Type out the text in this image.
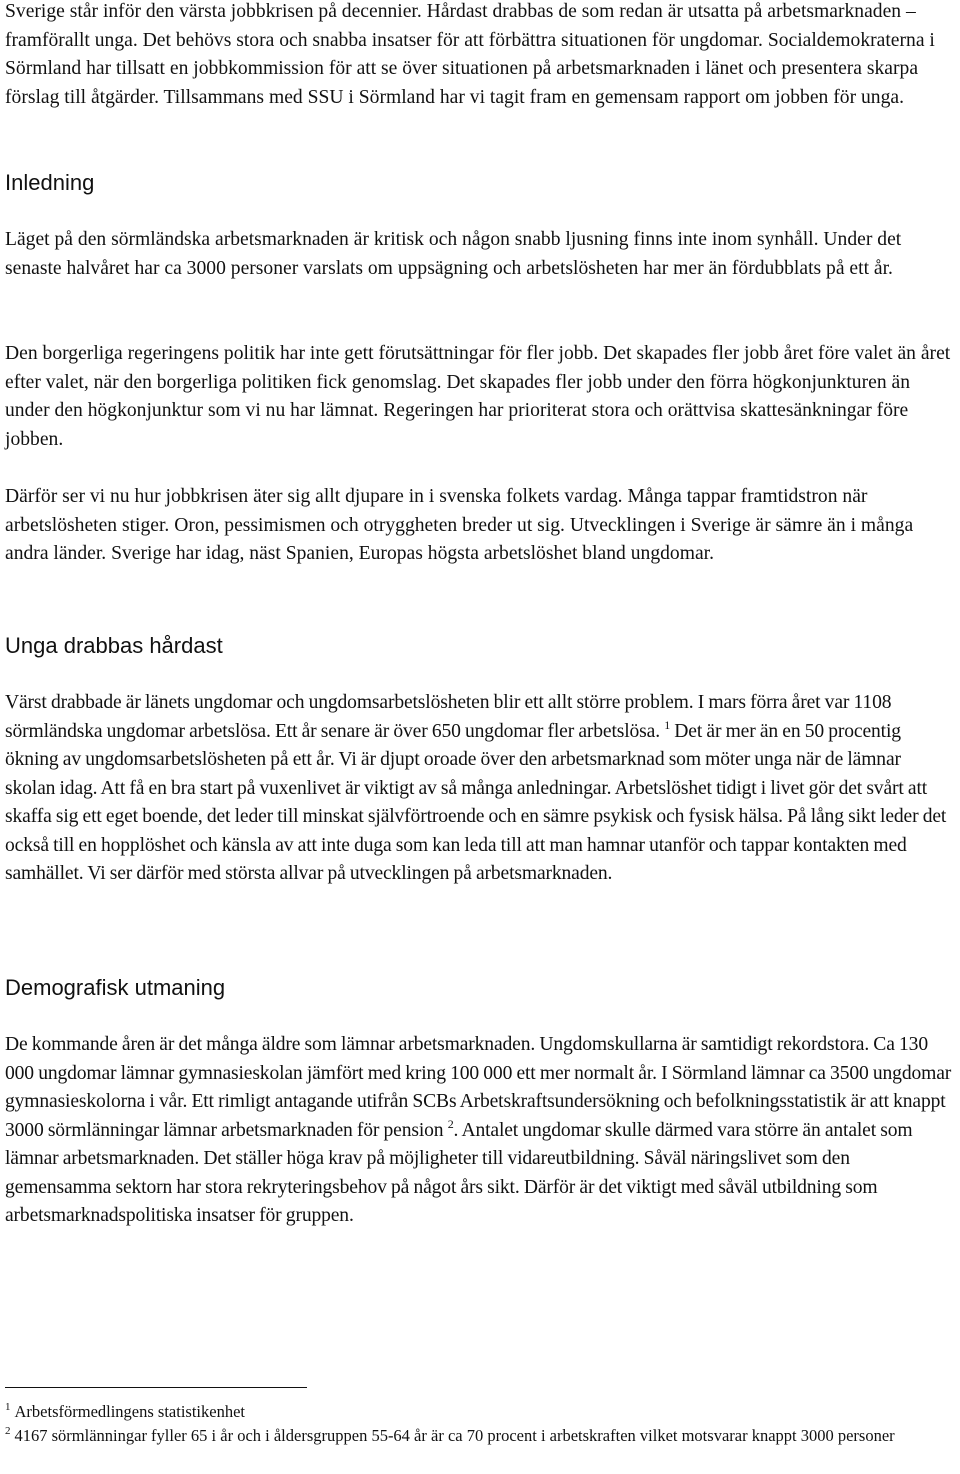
Sverige står inför den värsta jobbkrisen på decennier. Hårdast drabbas de som redan är utsatta på arbetsmarknaden – framförallt unga. Det behövs stora och snabba insatser för att förbättra situationen för ungdomar. Socialdemokraterna i Sörmland har tillsatt en jobbkommission för att se över situationen på arbetsmarknaden i länet och presentera skarpa förslag till åtgärder. Tillsammans med SSU i Sörmland har vi tagit fram en gemensam rapport om jobben för unga.

Inledning

Läget på den sörmländska arbetsmarknaden är kritisk och någon snabb ljusning finns inte inom synhåll. Under det senaste halvåret har ca 3000 personer varslats om uppsägning och arbetslösheten har mer än fördubblats på ett år.

Den borgerliga regeringens politik har inte gett förutsättningar för fler jobb. Det skapades fler jobb året före valet än året efter valet, när den borgerliga politiken fick genomslag. Det skapades fler jobb under den förra högkonjunkturen än under den högkonjunktur som vi nu har lämnat. Regeringen har prioriterat stora och orättvisa skattesänkningar före jobben.

Därför ser vi nu hur jobbkrisen äter sig allt djupare in i svenska folkets vardag. Många tappar framtidstron när arbetslösheten stiger. Oron, pessimismen och otryggheten breder ut sig. Utvecklingen i Sverige är sämre än i många andra länder. Sverige har idag, näst Spanien, Europas högsta arbetslöshet bland ungdomar.

Unga drabbas hårdast

Värst drabbade är länets ungdomar och ungdomsarbetslösheten blir ett allt större problem. I mars förra året var 1108 sörmländska ungdomar arbetslösa. Ett år senare är över 650 ungdomar fler arbetslösa. $^1$ Det är mer än en 50 procentig ökning av ungdomsarbetslösheten på ett år. Vi är djupt oroade över den arbetsmarknad som möter unga när de lämnar skolan idag. Att få en bra start på vuxenlivet är viktigt av så många anledningar. Arbetslöshet tidigt i livet gör det svårt att skaffa sig ett eget boende, det leder till minskat självförtroende och en sämre psykisk och fysisk hälsa. På lång sikt leder det också till en hopplöshet och känsla av att inte duga som kan leda till att man hamnar utanför och tappar kontakten med samhället. Vi ser därför med största allvar på utvecklingen på arbetsmarknaden.

Demografisk utmaning

De kommande åren är det många äldre som lämnar arbetsmarknaden. Ungdomskullarna är samtidigt rekordstora. Ca 130 000 ungdomar lämnar gymnasieskolan jämfört med kring 100 000 ett mer normalt år. I Sörmland lämnar ca 3500 ungdomar gymnasieskolorna i vår. Ett rimligt antagande utifrån SCBs Arbetskraftsundersökning och befolkningsstatistik är att knappt 3000 sörmlänningar lämnar arbetsmarknaden för pension $^2$. Antalet ungdomar skulle därmed vara större än antalet som lämnar arbetsmarknaden. Det ställer höga krav på möjligheter till vidareutbildning. Såväl näringslivet som den gemensamma sektorn har stora rekryteringsbehov på något års sikt. Därför är det viktigt med såväl utbildning som arbetsmarknadspolitiska insatser för gruppen.

$^1$ Arbetsförmedlingens statistikenhet

$^2$ 4167 sörmlänningar fyller 65 i år och i åldersgruppen 55-64 år är ca 70 procent i arbetskraften vilket motsvarar knappt 3000 personer
